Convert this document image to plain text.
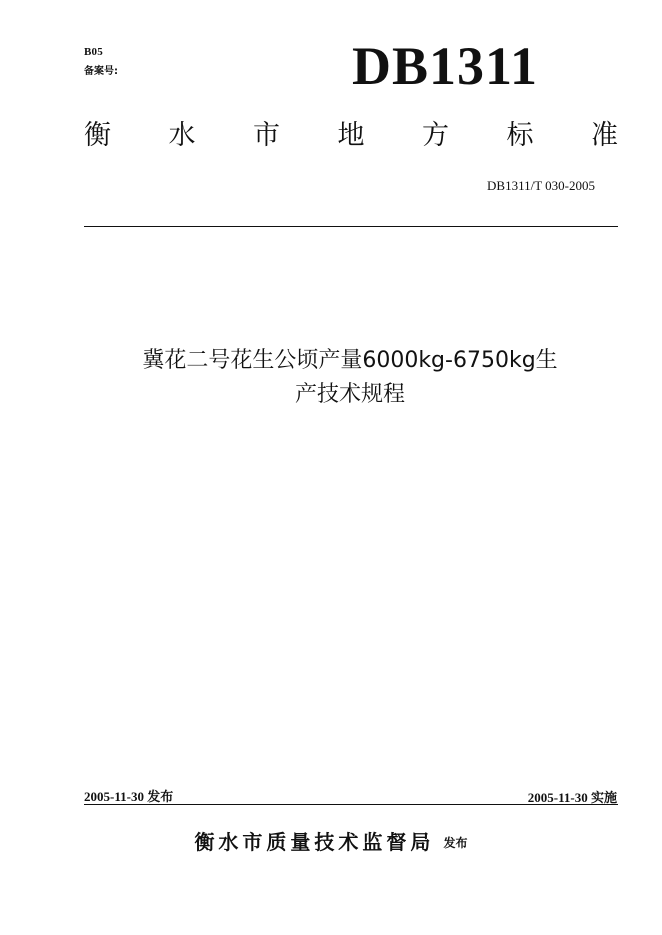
B05
备案号:	DB1311
衡 水 市 地 方 标 准
DB1311/T 030-2005
冀花二号花生公顷产量6000kg-6750kg生
产技术规程
2005-11-30 发布	2005-11-30 实施
衡水市质量技术监督局 发布
